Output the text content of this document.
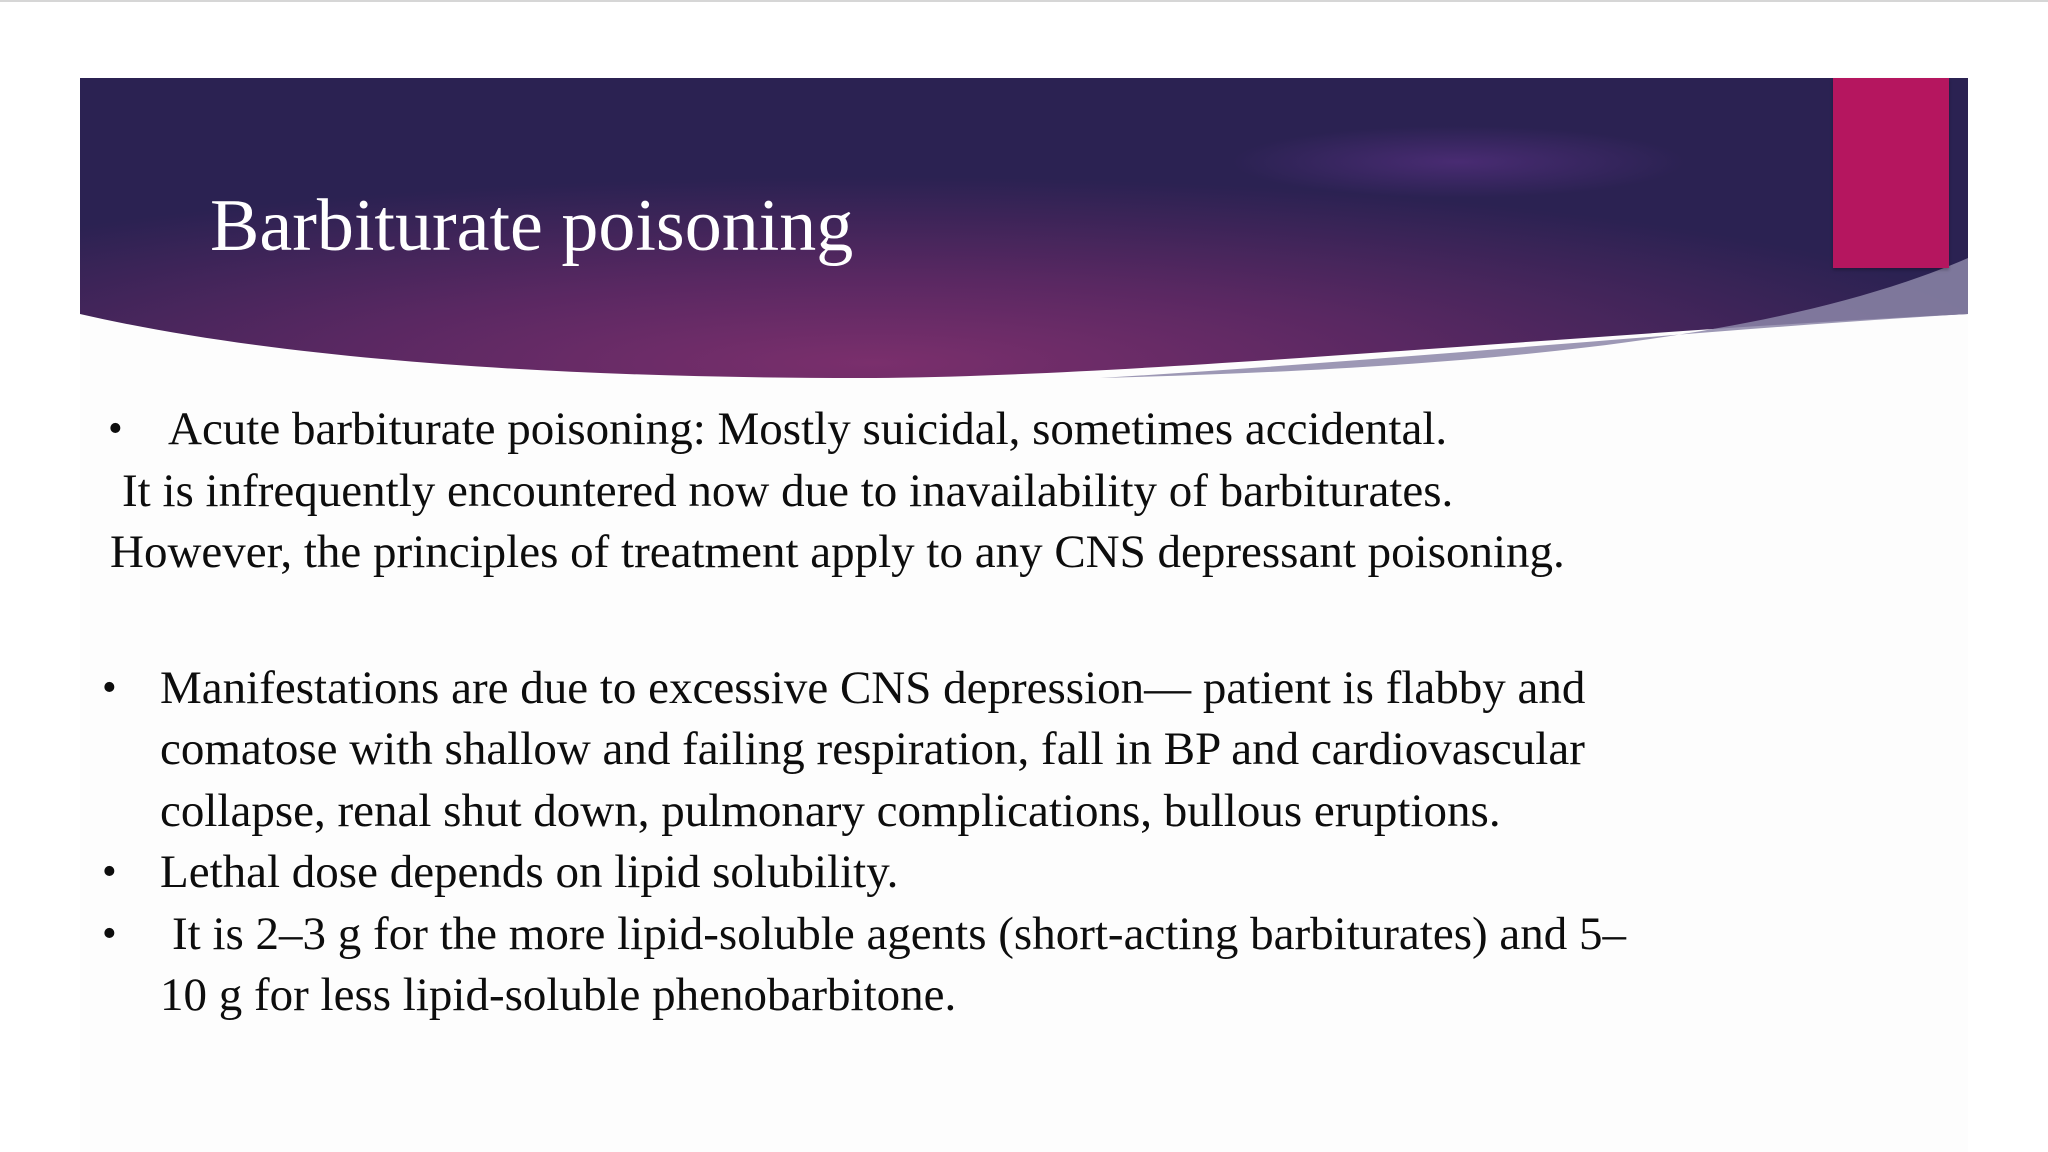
Barbiturate poisoning
• Acute barbiturate poisoning: Mostly suicidal, sometimes accidental.
It is infrequently encountered now due to inavailability of barbiturates.
However, the principles of treatment apply to any CNS depressant poisoning.
• Manifestations are due to excessive CNS depression— patient is flabby and
comatose with shallow and failing respiration, fall in BP and cardiovascular
collapse, renal shut down, pulmonary complications, bullous eruptions.
• Lethal dose depends on lipid solubility.
• It is 2–3 g for the more lipid-soluble agents (short-acting barbiturates) and 5–
10 g for less lipid-soluble phenobarbitone.
